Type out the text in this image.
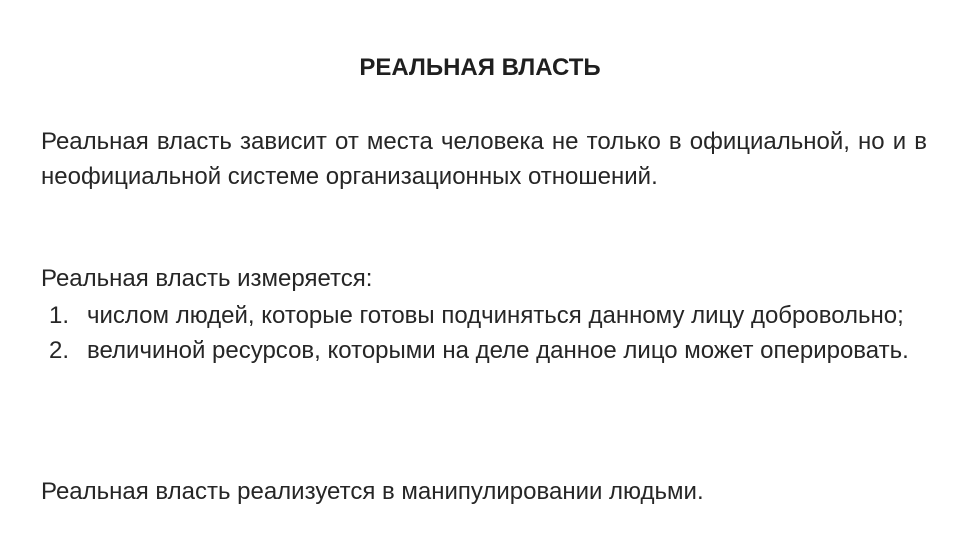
РЕАЛЬНАЯ ВЛАСТЬ

Реальная власть зависит от места человека не только в официальной, но и в неофициальной системе организационных отношений.

Реальная власть измеряется:

1. числом людей, которые готовы подчиняться данному лицу добровольно;
2. величиной ресурсов, которыми на деле данное лицо может оперировать.

Реальная власть реализуется в манипулировании людьми.
